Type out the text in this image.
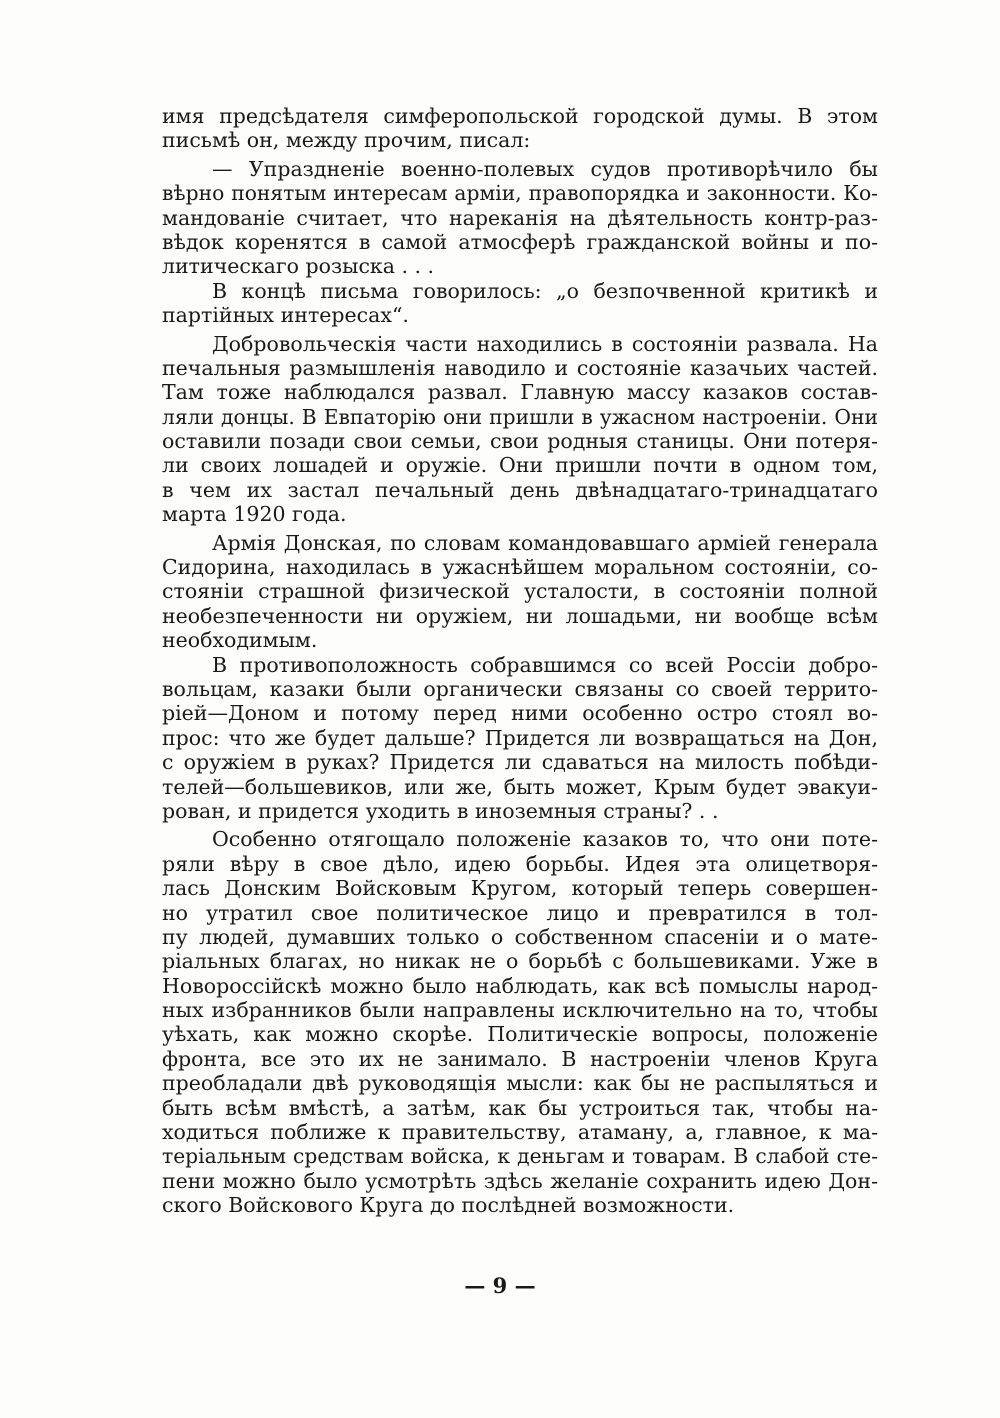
имя предсѣдателя симферопольской городской думы. В этом
письмѣ он, между прочим, писал:
— Упраздненіе военно-полевых судов противорѣчило бы
вѣрно понятым интересам арміи, правопорядка и законности. Ко-
мандованіе считает, что нареканія на дѣятельность контр-раз-
вѣдок коренятся в самой атмосферѣ гражданской войны и по-
литическаго розыска . . .
В концѣ письма говорилось: „о безпочвенной критикѣ и
партійных интересах“.
Добровольческія части находились в состояніи развала. На
печальныя размышленія наводило и состояніе казачьих частей.
Там тоже наблюдался развал. Главную массу казаков состав-
ляли донцы. В Евпаторію они пришли в ужасном настроеніи. Они
оставили позади свои семьи, свои родныя станицы. Они потеря-
ли своих лошадей и оружіе. Они пришли почти в одном том,
в чем их застал печальный день двѣнадцатаго-тринадцатаго
марта 1920 года.
Армія Донская, по словам командовавшаго арміей генерала
Сидорина, находилась в ужаснѣйшем моральном состояніи, со-
стояніи страшной физической усталости, в состояніи полной
необезпеченности ни оружіем, ни лошадьми, ни вообще всѣм
необходимым.
В противоположность собравшимся со всей Россіи добро-
вольцам, казаки были органически связаны со своей террито-
ріей—Доном и потому перед ними особенно остро стоял во-
прос: что же будет дальше? Придется ли возвращаться на Дон,
с оружіем в руках? Придется ли сдаваться на милость побѣди-
телей—большевиков, или же, быть может, Крым будет эвакуи-
рован, и придется уходить в иноземныя страны? . .
Особенно отягощало положеніе казаков то, что они поте-
ряли вѣру в свое дѣло, идею борьбы. Идея эта олицетворя-
лась Донским Войсковым Кругом, который теперь совершен-
но утратил свое политическое лицо и превратился в тол-
пу людей, думавших только о собственном спасеніи и о мате-
ріальных благах, но никак не о борьбѣ с большевиками. Уже в
Новороссійскѣ можно было наблюдать, как всѣ помыслы народ-
ных избранников были направлены исключительно на то, чтобы
уѣхать, как можно скорѣе. Политическіе вопросы, положеніе
фронта, все это их не занимало. В настроеніи членов Круга
преобладали двѣ руководящія мысли: как бы не распыляться и
быть всѣм вмѣстѣ, а затѣм, как бы устроиться так, чтобы на-
ходиться поближе к правительству, атаману, а, главное, к ма-
теріальным средствам войска, к деньгам и товарам. В слабой сте-
пени можно было усмотрѣть здѣсь желаніе сохранить идею Дон-
ского Войскового Круга до послѣдней возможности.
— 9 —
